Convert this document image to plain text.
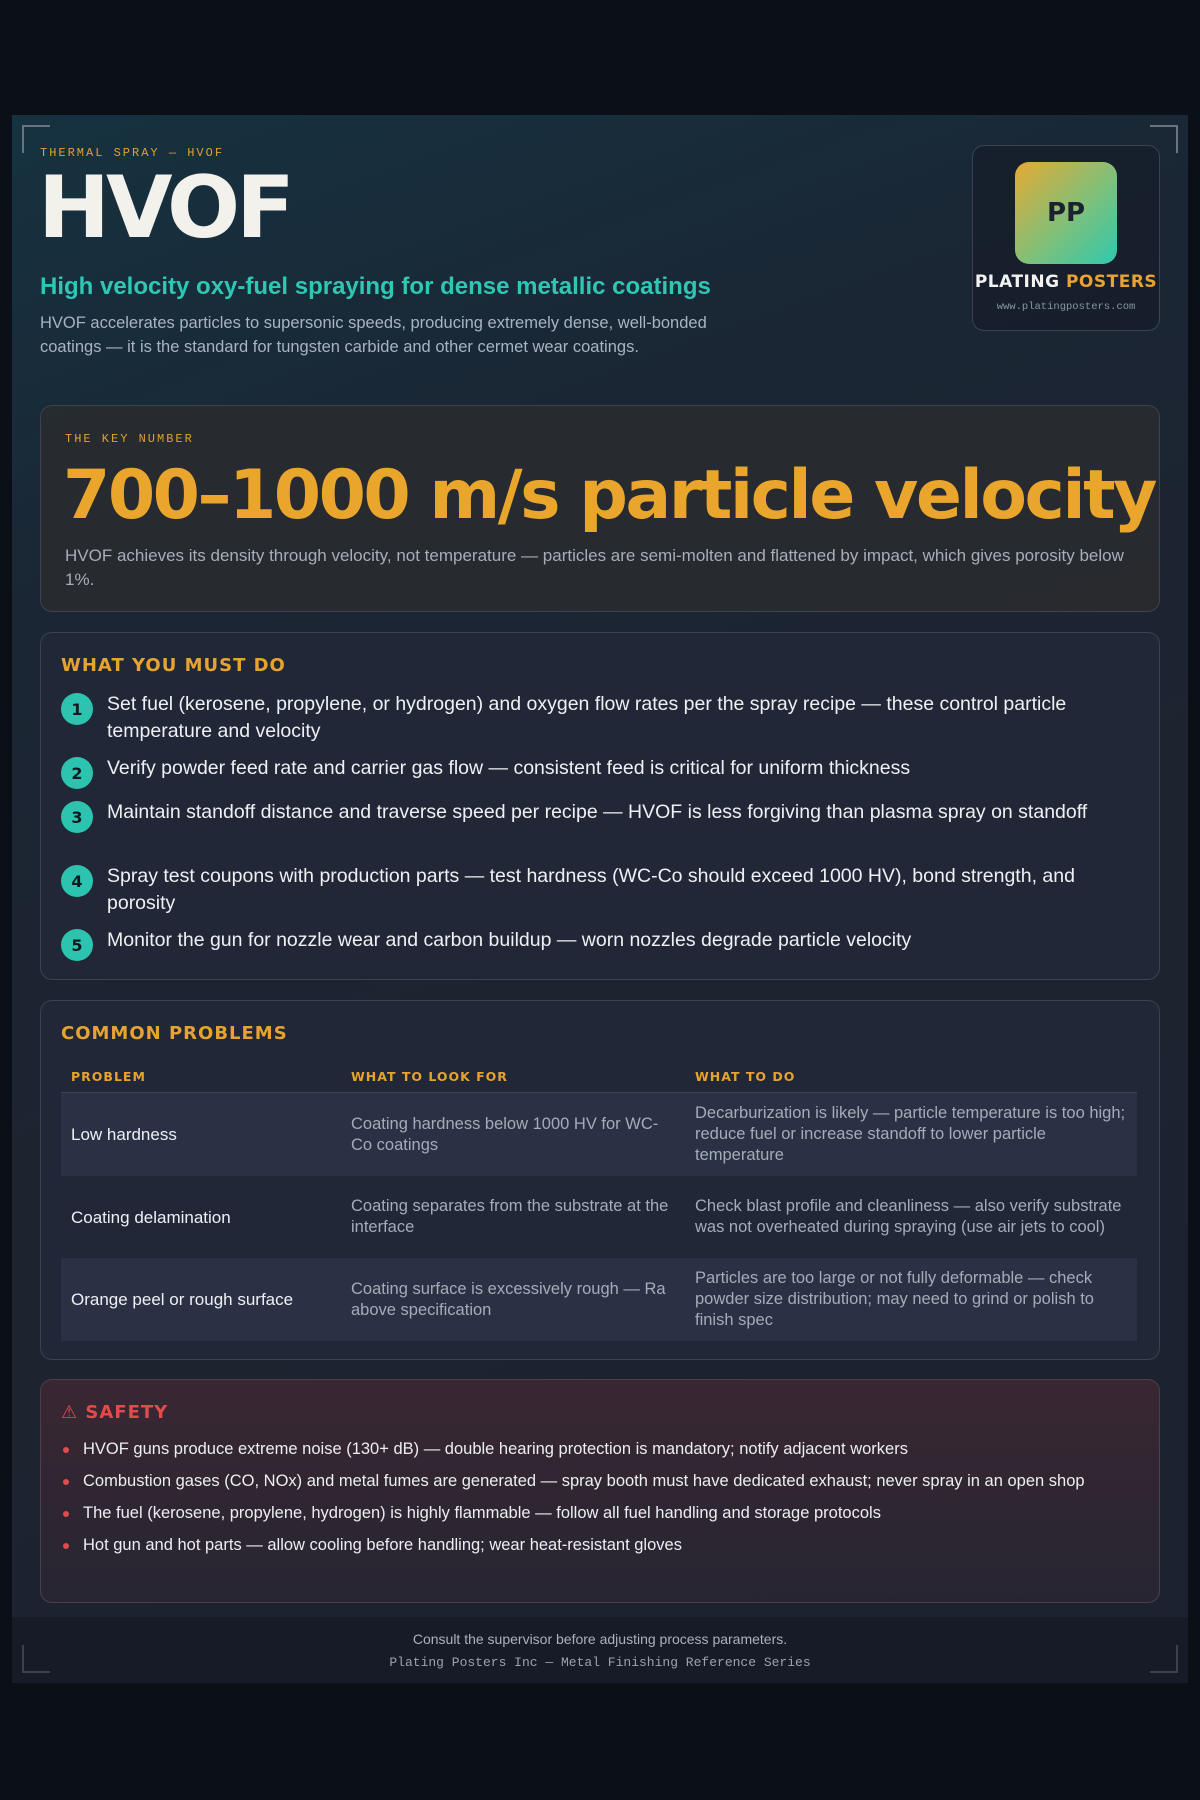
THERMAL SPRAY — HVOF
HVOF
High velocity oxy-fuel spraying for dense metallic coatings
HVOF accelerates particles to supersonic speeds, producing extremely dense, well-bonded coatings — it is the standard for tungsten carbide and other cermet wear coatings.
PP
PLATING POSTERS
www.platingposters.com
THE KEY NUMBER
700–1000 m/s particle velocity
HVOF achieves its density through velocity, not temperature — particles are semi-molten and flattened by impact, which gives porosity below 1%.
WHAT YOU MUST DO
1	Set fuel (kerosene, propylene, or hydrogen) and oxygen flow rates per the spray recipe — these control particle temperature and velocity
2	Verify powder feed rate and carrier gas flow — consistent feed is critical for uniform thickness
3	Maintain standoff distance and traverse speed per recipe — HVOF is less forgiving than plasma spray on standoff
4	Spray test coupons with production parts — test hardness (WC-Co should exceed 1000 HV), bond strength, and porosity
5	Monitor the gun for nozzle wear and carbon buildup — worn nozzles degrade particle velocity
COMMON PROBLEMS
PROBLEM	WHAT TO LOOK FOR	WHAT TO DO
Low hardness	Coating hardness below 1000 HV for WC-Co coatings	Decarburization is likely — particle temperature is too high; reduce fuel or increase standoff to lower particle temperature
Coating delamination	Coating separates from the substrate at the interface	Check blast profile and cleanliness — also verify substrate was not overheated during spraying (use air jets to cool)
Orange peel or rough surface	Coating surface is excessively rough — Ra above specification	Particles are too large or not fully deformable — check powder size distribution; may need to grind or polish to finish spec
⚠ SAFETY
HVOF guns produce extreme noise (130+ dB) — double hearing protection is mandatory; notify adjacent workers
Combustion gases (CO, NOx) and metal fumes are generated — spray booth must have dedicated exhaust; never spray in an open shop
The fuel (kerosene, propylene, hydrogen) is highly flammable — follow all fuel handling and storage protocols
Hot gun and hot parts — allow cooling before handling; wear heat-resistant gloves
Consult the supervisor before adjusting process parameters.
Plating Posters Inc — Metal Finishing Reference Series
